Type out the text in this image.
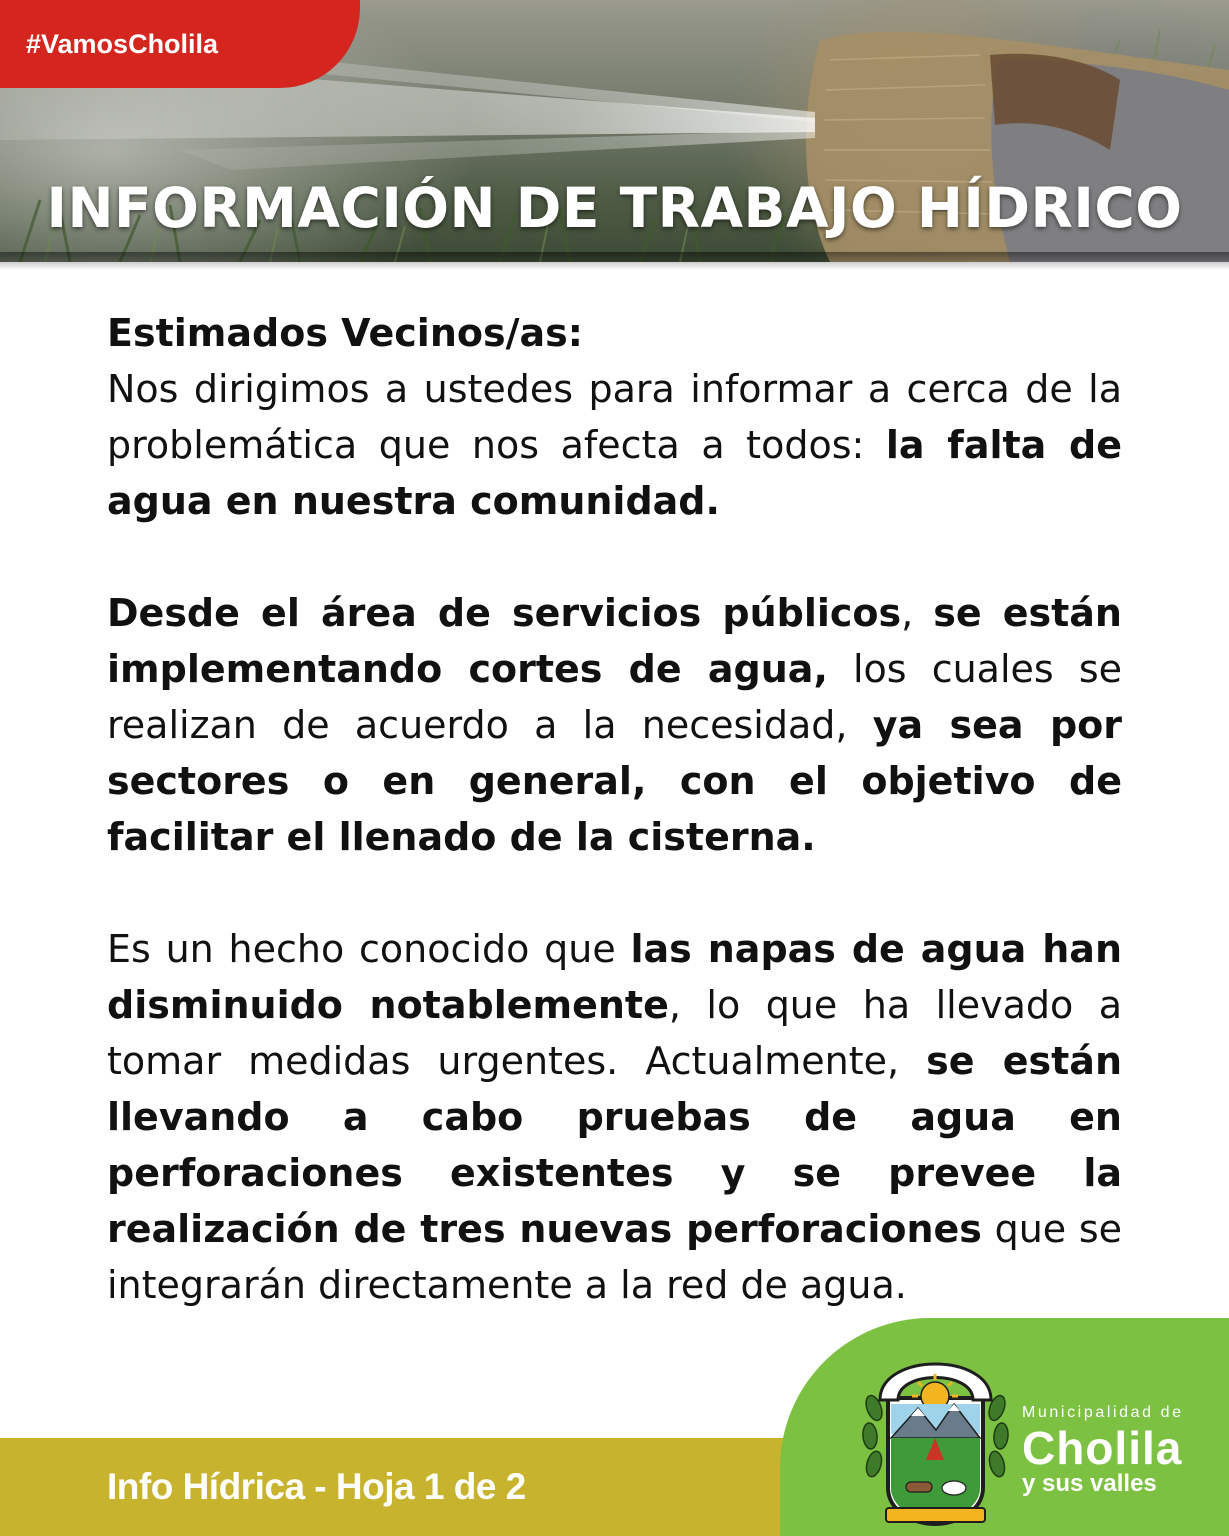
#VamosCholila
INFORMACIÓN DE TRABAJO HÍDRICO
Estimados Vecinos/as:

Nos dirigimos a ustedes para informar a cerca de la problemática que nos afecta a todos: la falta de agua en nuestra comunidad.

Desde el área de servicios públicos, se están implementando cortes de agua, los cuales se realizan de acuerdo a la necesidad, ya sea por sectores o en general, con el objetivo de facilitar el llenado de la cisterna.

Es un hecho conocido que las napas de agua han disminuido notablemente, lo que ha llevado a tomar medidas urgentes. Actualmente, se están llevando a cabo pruebas de agua en perforaciones existentes y se prevee la realización de tres nuevas perforaciones que se integrarán directamente a la red de agua.

Info Hídrica - Hoja 1 de 2
Municipalidad de
Cholila
y sus valles
